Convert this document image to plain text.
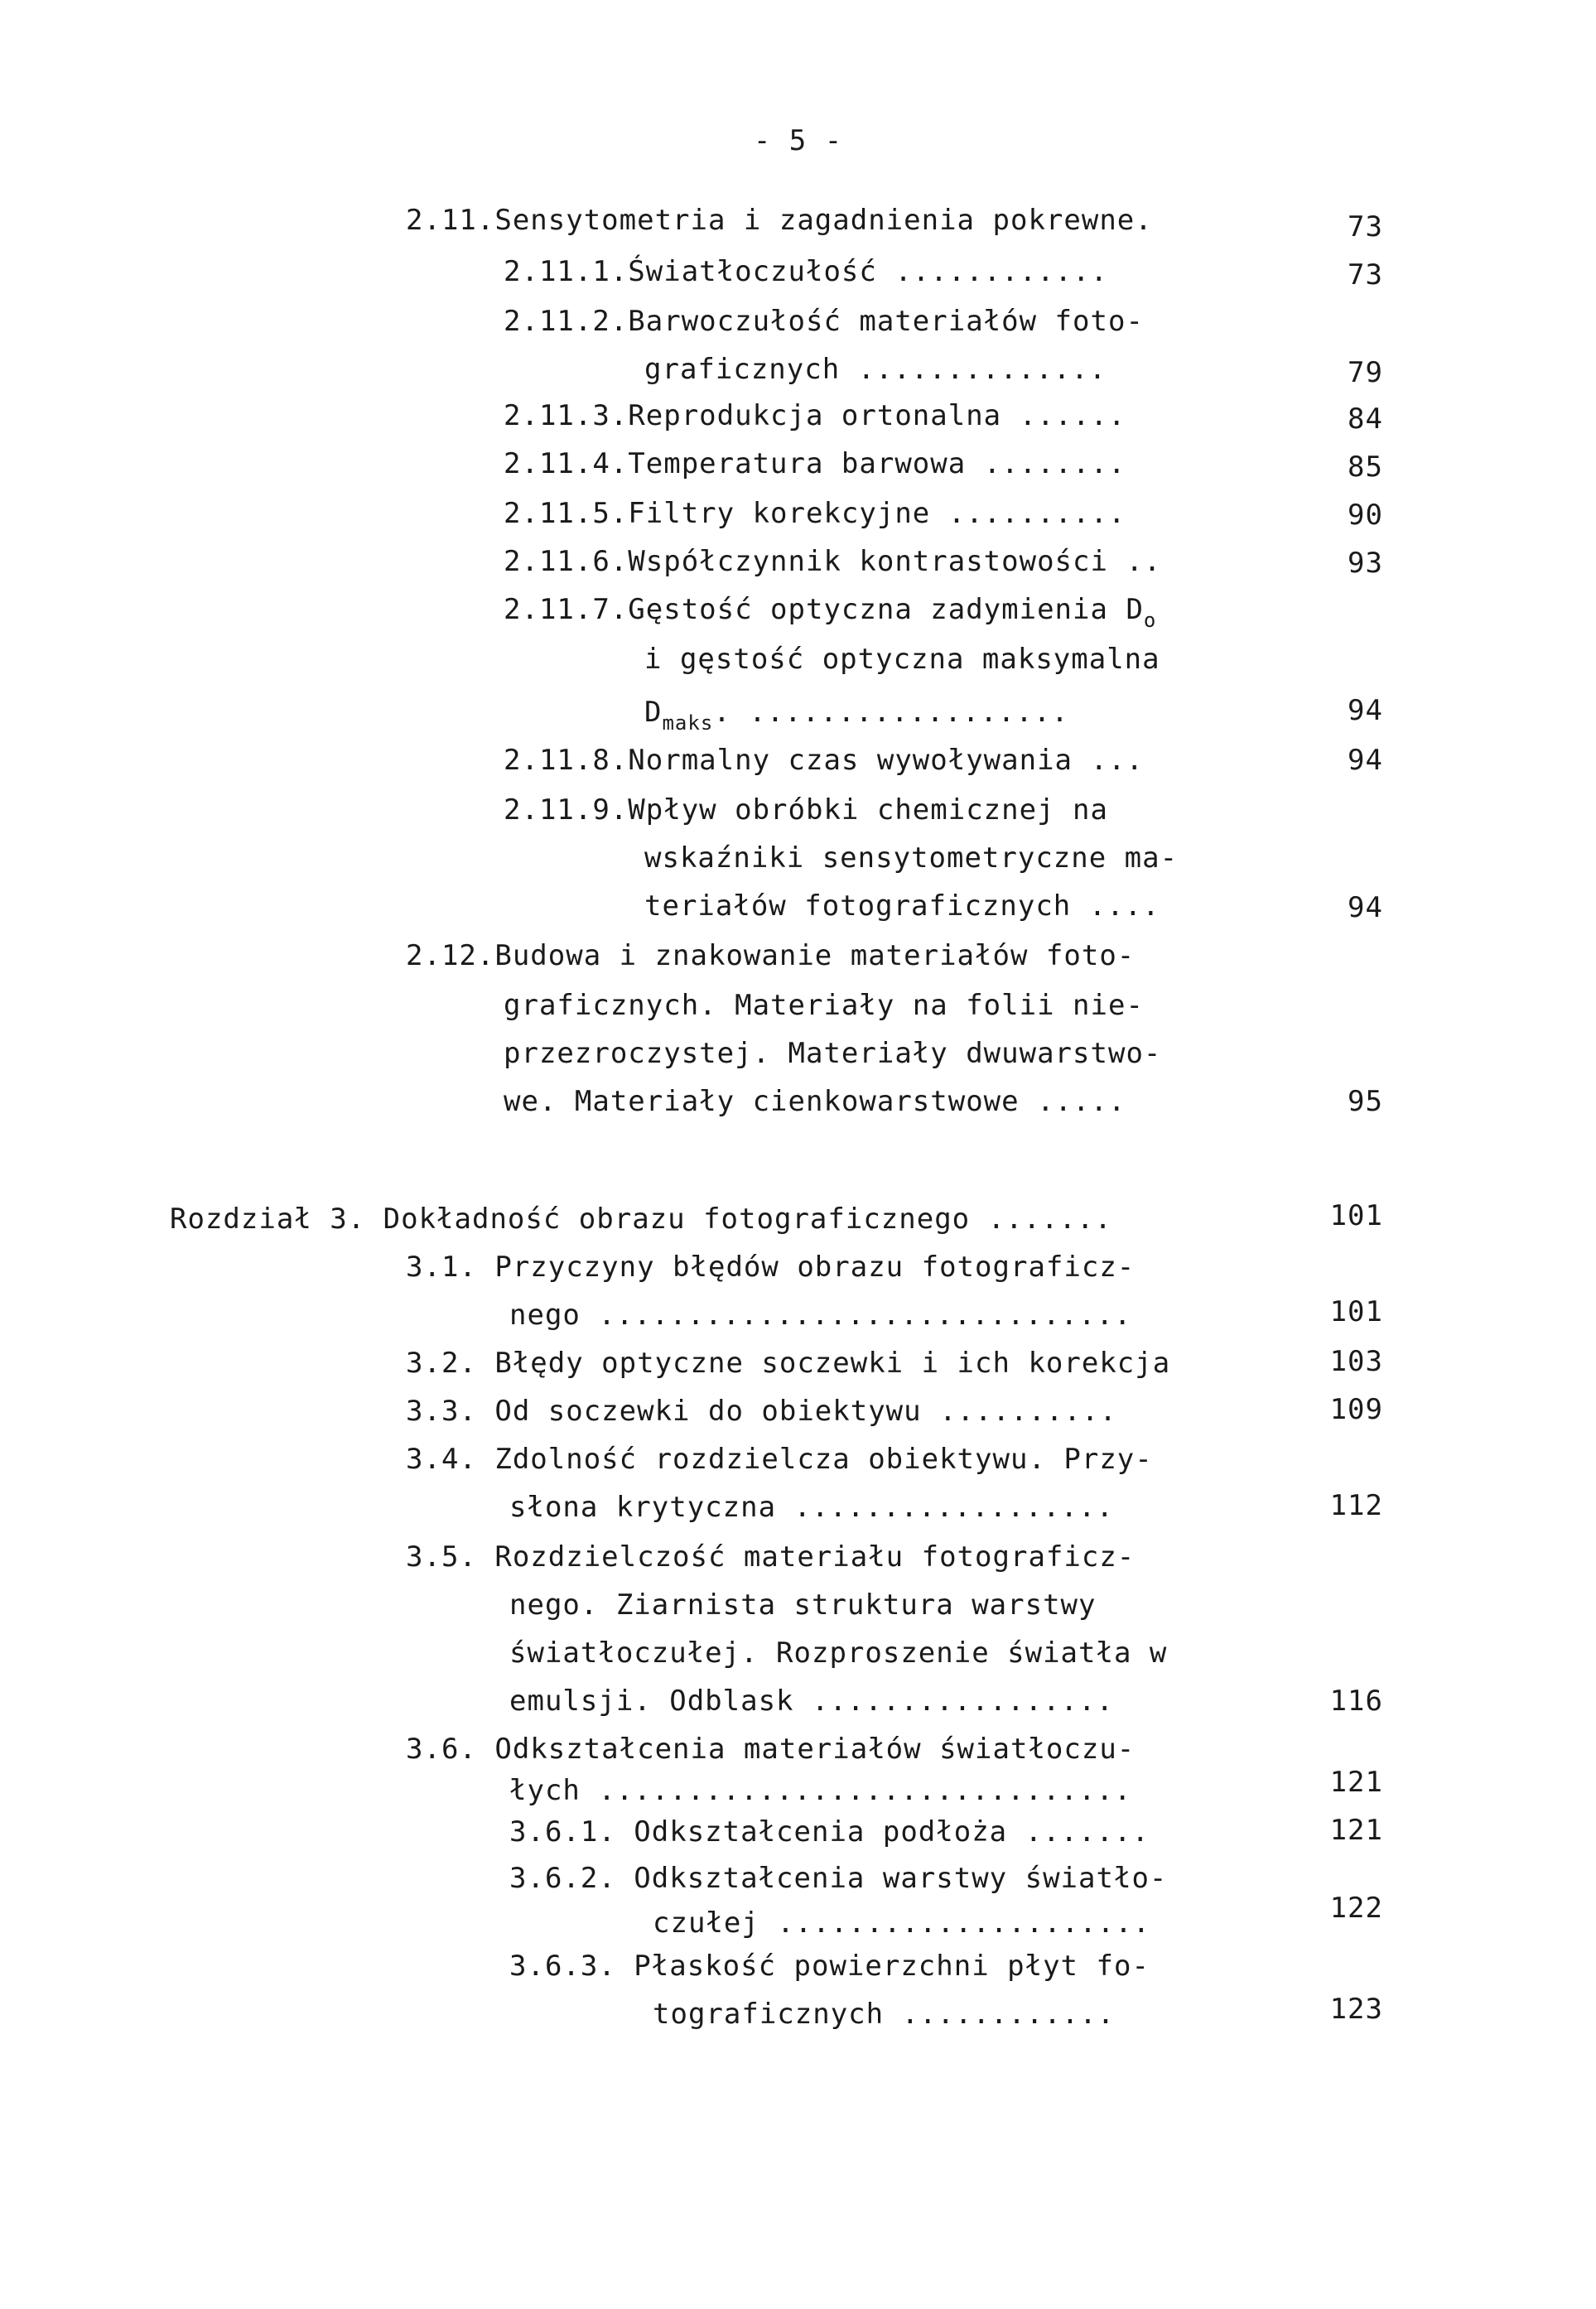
- 5 -
2.11.Sensytometria i zagadnienia pokrewne.	73
2.11.1.Światłoczułość ............	73
2.11.2.Barwoczułość materiałów foto-
graficznych ..............	79
2.11.3.Reprodukcja ortonalna ......	84
2.11.4.Temperatura barwowa ........	85
2.11.5.Filtry korekcyjne ..........	90
2.11.6.Współczynnik kontrastowości ..	93
2.11.7.Gęstość optyczna zadymienia $D_o$
i gęstość optyczna maksymalna
$D_{maks}$. ..................	94
2.11.8.Normalny czas wywoływania ...	94
2.11.9.Wpływ obróbki chemicznej na
wskaźniki sensytometryczne ma-
teriałów fotograficznych ....	94
2.12.Budowa i znakowanie materiałów foto-
graficznych. Materiały na folii nie-
przezroczystej. Materiały dwuwarstwo-
we. Materiały cienkowarstwowe .....	95
Rozdział 3. Dokładność obrazu fotograficznego .......	101
3.1. Przyczyny błędów obrazu fotograficz-
nego ..............................	101
3.2. Błędy optyczne soczewki i ich korekcja	103
3.3. Od soczewki do obiektywu ..........	109
3.4. Zdolność rozdzielcza obiektywu. Przy-
słona krytyczna ..................	112
3.5. Rozdzielczość materiału fotograficz-
nego. Ziarnista struktura warstwy
światłoczułej. Rozproszenie światła w
emulsji. Odblask .................	116
3.6. Odkształcenia materiałów światłoczu-
łych ..............................	121
3.6.1. Odkształcenia podłoża .......	121
3.6.2. Odkształcenia warstwy światło-
czułej .....................	122
3.6.3. Płaskość powierzchni płyt fo-
tograficznych ............	123
